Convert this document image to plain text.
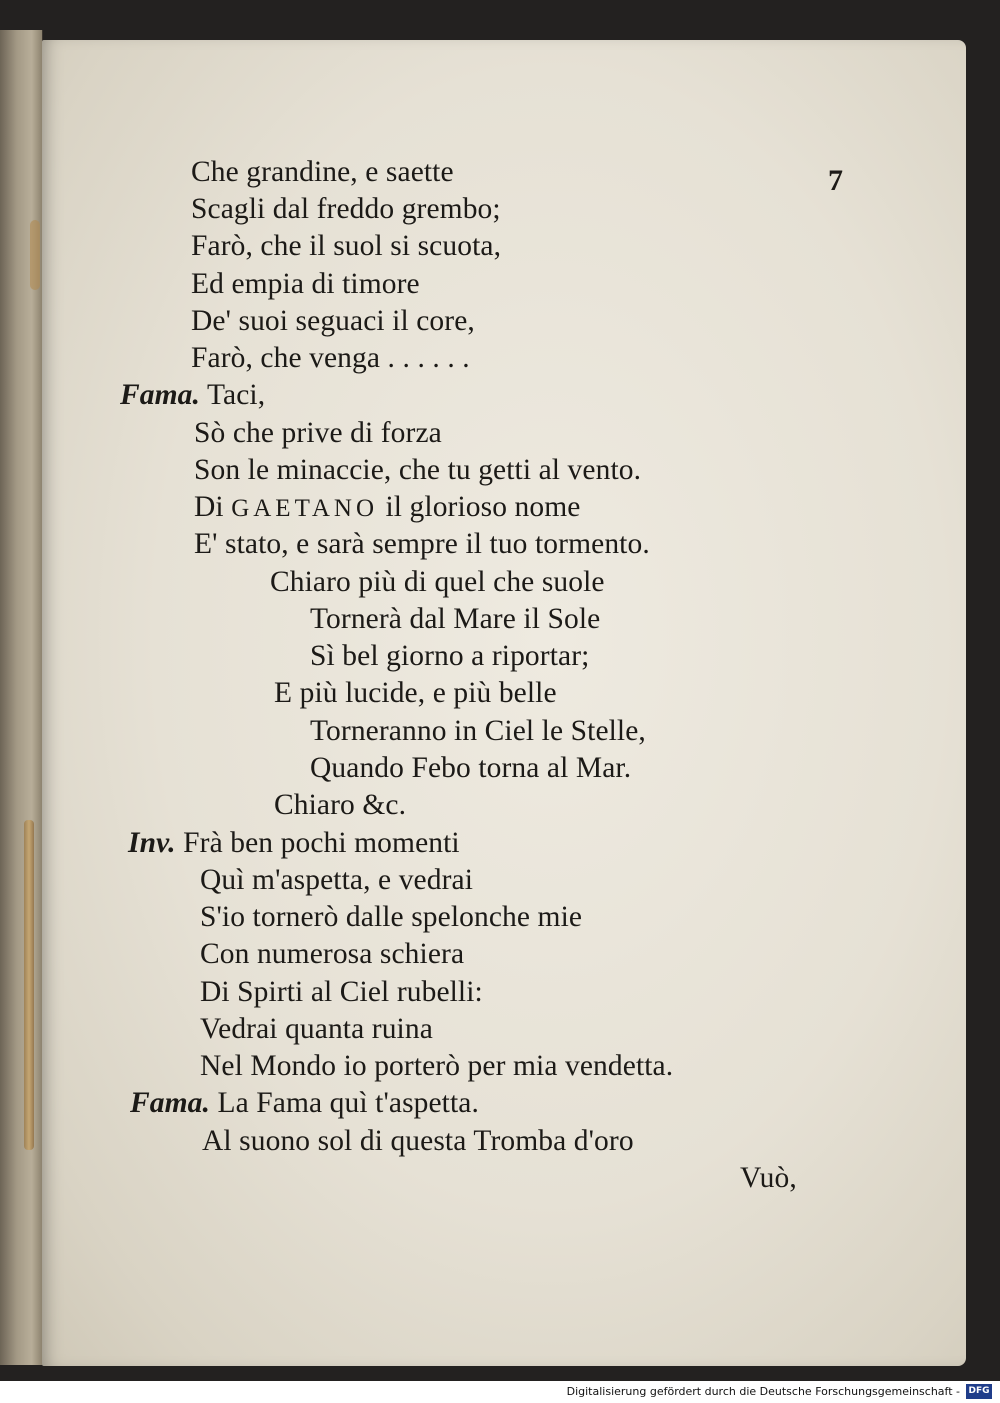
7
Che grandine, e saette
Scagli dal freddo grembo;
Farò, che il suol si scuota,
Ed empia di timore
De' suoi seguaci il core,
Farò, che venga . . . . . .
Fama. Taci,
Sò che prive di forza
Son le minaccie, che tu getti al vento.
Di GAETANO il glorioso nome
E' stato, e sarà sempre il tuo tormento.
Chiaro più di quel che suole
Tornerà dal Mare il Sole
Sì bel giorno a riportar;
E più lucide, e più belle
Torneranno in Ciel le Stelle,
Quando Febo torna al Mar.
Chiaro &c.
Inv. Frà ben pochi momenti
Quì m'aspetta, e vedrai
S'io tornerò dalle spelonche mie
Con numerosa schiera
Di Spirti al Ciel rubelli:
Vedrai quanta ruina
Nel Mondo io porterò per mia vendetta.
Fama. La Fama quì t'aspetta.
Al suono sol di questa Tromba d'oro
Vuò,
Digitalisierung gefördert durch die Deutsche Forschungsgemeinschaft - DFG
